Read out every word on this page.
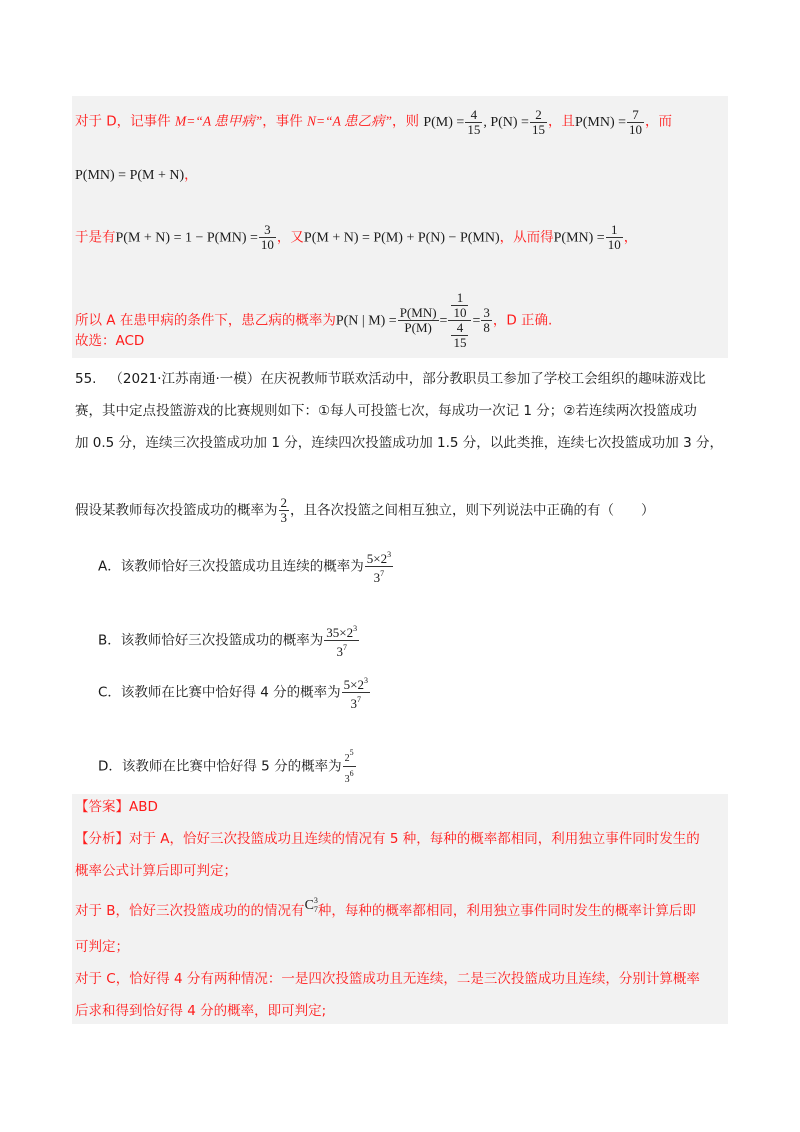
对于 D，记事件 M=“A 患甲病”，事件 N=“A 患乙病”，则 $P(M) = \frac{4}{15}$ , $P(N) = \frac{2}{15}$ ，且$P(MN) = \frac{7}{10}$ ，而
P(MN) = P(M + N)，
于是有$P(M + N) = 1 - P(MN) = \frac{3}{10}$ ，又P(M + N) = P(M) + P(N) − P(MN)，从而得$P(MN) = \frac{1}{10}$ ，
所以 A 在患甲病的条件下，患乙病的概率为P(N | $M) = \frac{P(MN)}{P(M)} = \frac{\frac{1}{10}}{\frac{4}{15}} = \frac{3}{8}$ ，D 正确.
故选：ACD
55. （2021·江苏南通·一模）在庆祝教师节联欢活动中，部分教职员工参加了学校工会组织的趣味游戏比
赛，其中定点投篮游戏的比赛规则如下：①每人可投篮七次，每成功一次记 1 分；②若连续两次投篮成功
加 0.5 分，连续三次投篮成功加 1 分，连续四次投篮成功加 1.5 分，以此类推，连续七次投篮成功加 3 分，
假设某教师每次投篮成功的概率为 $\frac{2}{3}$ ，且各次投篮之间相互独立，则下列说法中正确的有（　　）
A．该教师恰好三次投篮成功且连续的概率为 $\frac{5\times 2^3}{3^7}$
B．该教师恰好三次投篮成功的概率为 $\frac{35\times 2^3}{3^7}$
C．该教师在比赛中恰好得 4 分的概率为 $\frac{5\times 2^3}{3^7}$
D．该教师在比赛中恰好得 5 分的概率为 $\frac{2^5}{3^6}$
【答案】ABD
【分析】对于 A，恰好三次投篮成功且连续的情况有 5 种，每种的概率都相同，利用独立事件同时发生的
概率公式计算后即可判定；
对于 B，恰好三次投篮成功的的情况有$C^3_7$种，每种的概率都相同，利用独立事件同时发生的概率计算后即
可判定；
对于 C，恰好得 4 分有两种情况：一是四次投篮成功且无连续，二是三次投篮成功且连续，分别计算概率
后求和得到恰好得 4 分的概率，即可判定;
